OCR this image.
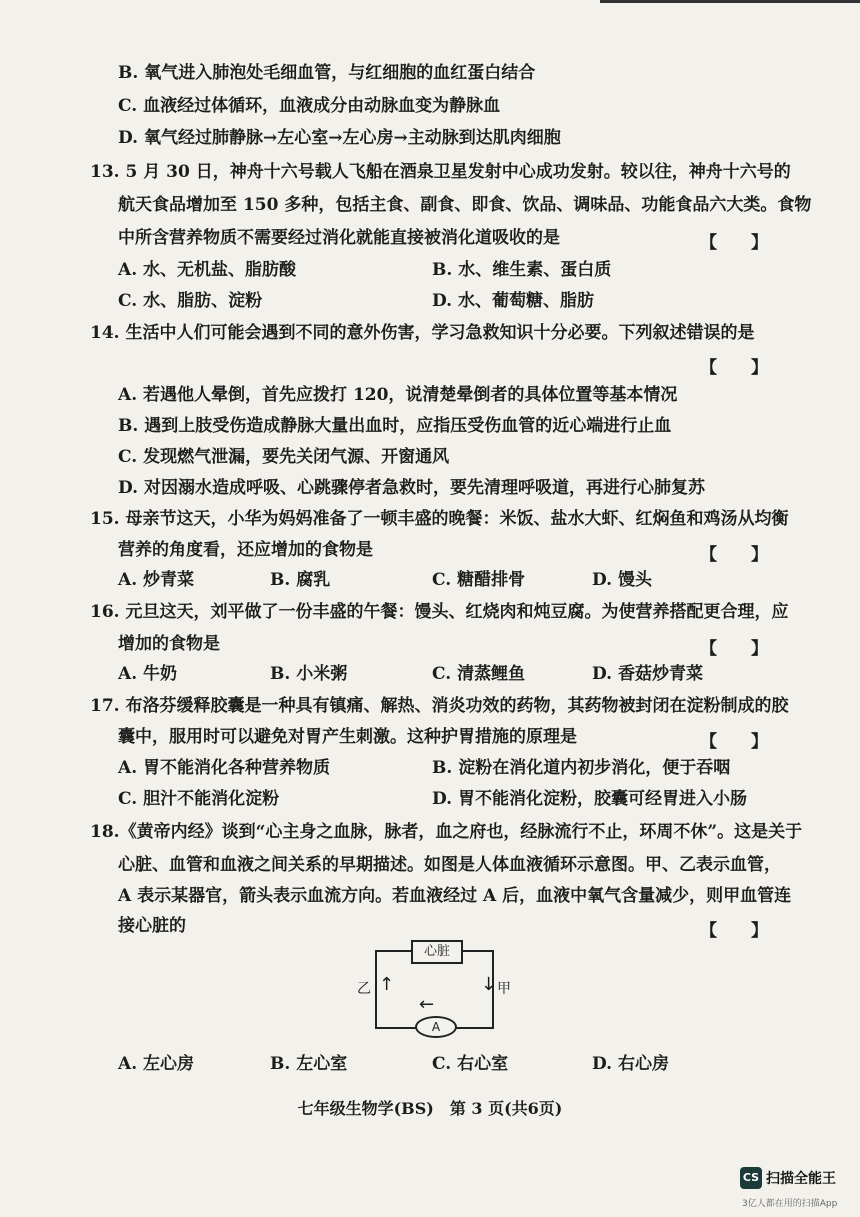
B. 氧气进入肺泡处毛细血管，与红细胞的血红蛋白结合
C. 血液经过体循环，血液成分由动脉血变为静脉血
D. 氧气经过肺静脉→左心室→左心房→主动脉到达肌肉细胞
13. 5 月 30 日，神舟十六号载人飞船在酒泉卫星发射中心成功发射。较以往，神舟十六号的
航天食品增加至 150 多种，包括主食、副食、即食、饮品、调味品、功能食品六大类。食物
中所含营养物质不需要经过消化就能直接被消化道吸收的是	【　　】
A. 水、无机盐、脂肪酸	B. 水、维生素、蛋白质
C. 水、脂肪、淀粉	D. 水、葡萄糖、脂肪
14. 生活中人们可能会遇到不同的意外伤害，学习急救知识十分必要。下列叙述错误的是
【　　】
A. 若遇他人晕倒，首先应拨打 120，说清楚晕倒者的具体位置等基本情况
B. 遇到上肢受伤造成静脉大量出血时，应指压受伤血管的近心端进行止血
C. 发现燃气泄漏，要先关闭气源、开窗通风
D. 对因溺水造成呼吸、心跳骤停者急救时，要先清理呼吸道，再进行心肺复苏
15. 母亲节这天，小华为妈妈准备了一顿丰盛的晚餐：米饭、盐水大虾、红焖鱼和鸡汤从均衡
营养的角度看，还应增加的食物是	【　　】
A. 炒青菜	B. 腐乳	C. 糖醋排骨	D. 馒头
16. 元旦这天，刘平做了一份丰盛的午餐：馒头、红烧肉和炖豆腐。为使营养搭配更合理，应
增加的食物是	【　　】
A. 牛奶	B. 小米粥	C. 清蒸鲤鱼	D. 香菇炒青菜
17. 布洛芬缓释胶囊是一种具有镇痛、解热、消炎功效的药物，其药物被封闭在淀粉制成的胶
囊中，服用时可以避免对胃产生刺激。这种护胃措施的原理是	【　　】
A. 胃不能消化各种营养物质	B. 淀粉在消化道内初步消化，便于吞咽
C. 胆汁不能消化淀粉	D. 胃不能消化淀粉，胶囊可经胃进入小肠
18.《黄帝内经》谈到“心主身之血脉，脉者，血之府也，经脉流行不止，环周不休”。这是关于
心脏、血管和血液之间关系的早期描述。如图是人体血液循环示意图。甲、乙表示血管，
A 表示某器官，箭头表示血流方向。若血液经过 A 后，血液中氧气含量减少，则甲血管连
接心脏的	【　　】
心脏
A
乙	甲
↑	↓
←
A. 左心房	B. 左心室	C. 右心室	D. 右心房
七年级生物学(BS)　第 3 页(共6页)
CS 扫描全能王
3亿人都在用的扫描App
